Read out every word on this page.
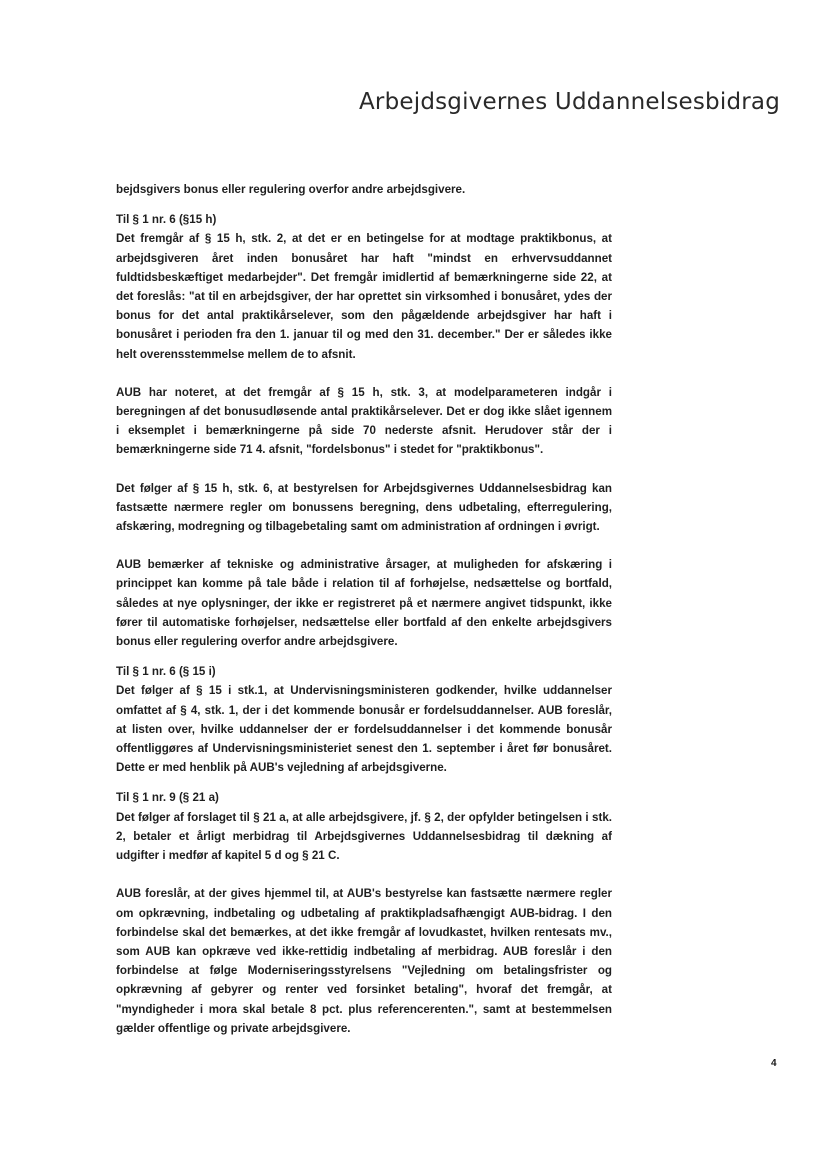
Arbejdsgivernes Uddannelsesbidrag

bejdsgivers bonus eller regulering overfor andre arbejdsgivere.

Til § 1 nr. 6 (§15 h)

Det fremgår af § 15 h, stk. 2, at det er en betingelse for at modtage praktikbonus, at arbejdsgiveren året inden bonusåret har haft "mindst en erhvervsuddannet fuldtidsbeskæftiget medarbejder". Det fremgår imidlertid af bemærkningerne side 22, at det foreslås: "at til en arbejdsgiver, der har oprettet sin virksomhed i bonusåret, ydes der bonus for det antal praktikårselever, som den pågældende arbejdsgiver har haft i bonusåret i perioden fra den 1. januar til og med den 31. december." Der er således ikke helt overensstemmelse mellem de to afsnit.

AUB har noteret, at det fremgår af § 15 h, stk. 3, at modelparameteren indgår i beregningen af det bonusudløsende antal praktikårselever. Det er dog ikke slået igennem i eksemplet i bemærkningerne på side 70 nederste afsnit. Herudover står der i bemærkningerne side 71 4. afsnit, "fordelsbonus" i stedet for "praktikbonus".

Det følger af § 15 h, stk. 6, at bestyrelsen for Arbejdsgivernes Uddannelsesbidrag kan fastsætte nærmere regler om bonussens beregning, dens udbetaling, efterregulering, afskæring, modregning og tilbagebetaling samt om administration af ordningen i øvrigt.

AUB bemærker af tekniske og administrative årsager, at muligheden for afskæring i princippet kan komme på tale både i relation til af forhøjelse, nedsættelse og bortfald, således at nye oplysninger, der ikke er registreret på et nærmere angivet tidspunkt, ikke fører til automatiske forhøjelser, nedsættelse eller bortfald af den enkelte arbejdsgivers bonus eller regulering overfor andre arbejdsgivere.

Til § 1 nr. 6 (§ 15 i)

Det følger af § 15 i stk.1, at Undervisningsministeren godkender, hvilke uddannelser omfattet af § 4, stk. 1, der i det kommende bonusår er fordelsuddannelser. AUB foreslår, at listen over, hvilke uddannelser der er fordelsuddannelser i det kommende bonusår offentliggøres af Undervisningsministeriet senest den 1. september i året før bonusåret. Dette er med henblik på AUB's vejledning af arbejdsgiverne.

Til § 1 nr. 9 (§ 21 a)

Det følger af forslaget til § 21 a, at alle arbejdsgivere, jf. § 2, der opfylder betingelsen i stk. 2, betaler et årligt merbidrag til Arbejdsgivernes Uddannelsesbidrag til dækning af udgifter i medfør af kapitel 5 d og § 21 C.

AUB foreslår, at der gives hjemmel til, at AUB's bestyrelse kan fastsætte nærmere regler om opkrævning, indbetaling og udbetaling af praktikpladsafhængigt AUB-bidrag. I den forbindelse skal det bemærkes, at det ikke fremgår af lovudkastet, hvilken rentesats mv., som AUB kan opkræve ved ikke-rettidig indbetaling af merbidrag. AUB foreslår i den forbindelse at følge Moderniseringsstyrelsens "Vejledning om betalingsfrister og opkrævning af gebyrer og renter ved forsinket betaling", hvoraf det fremgår, at "myndigheder i mora skal betale 8 pct. plus referencerenten.", samt at bestemmelsen gælder offentlige og private arbejdsgivere.

4
